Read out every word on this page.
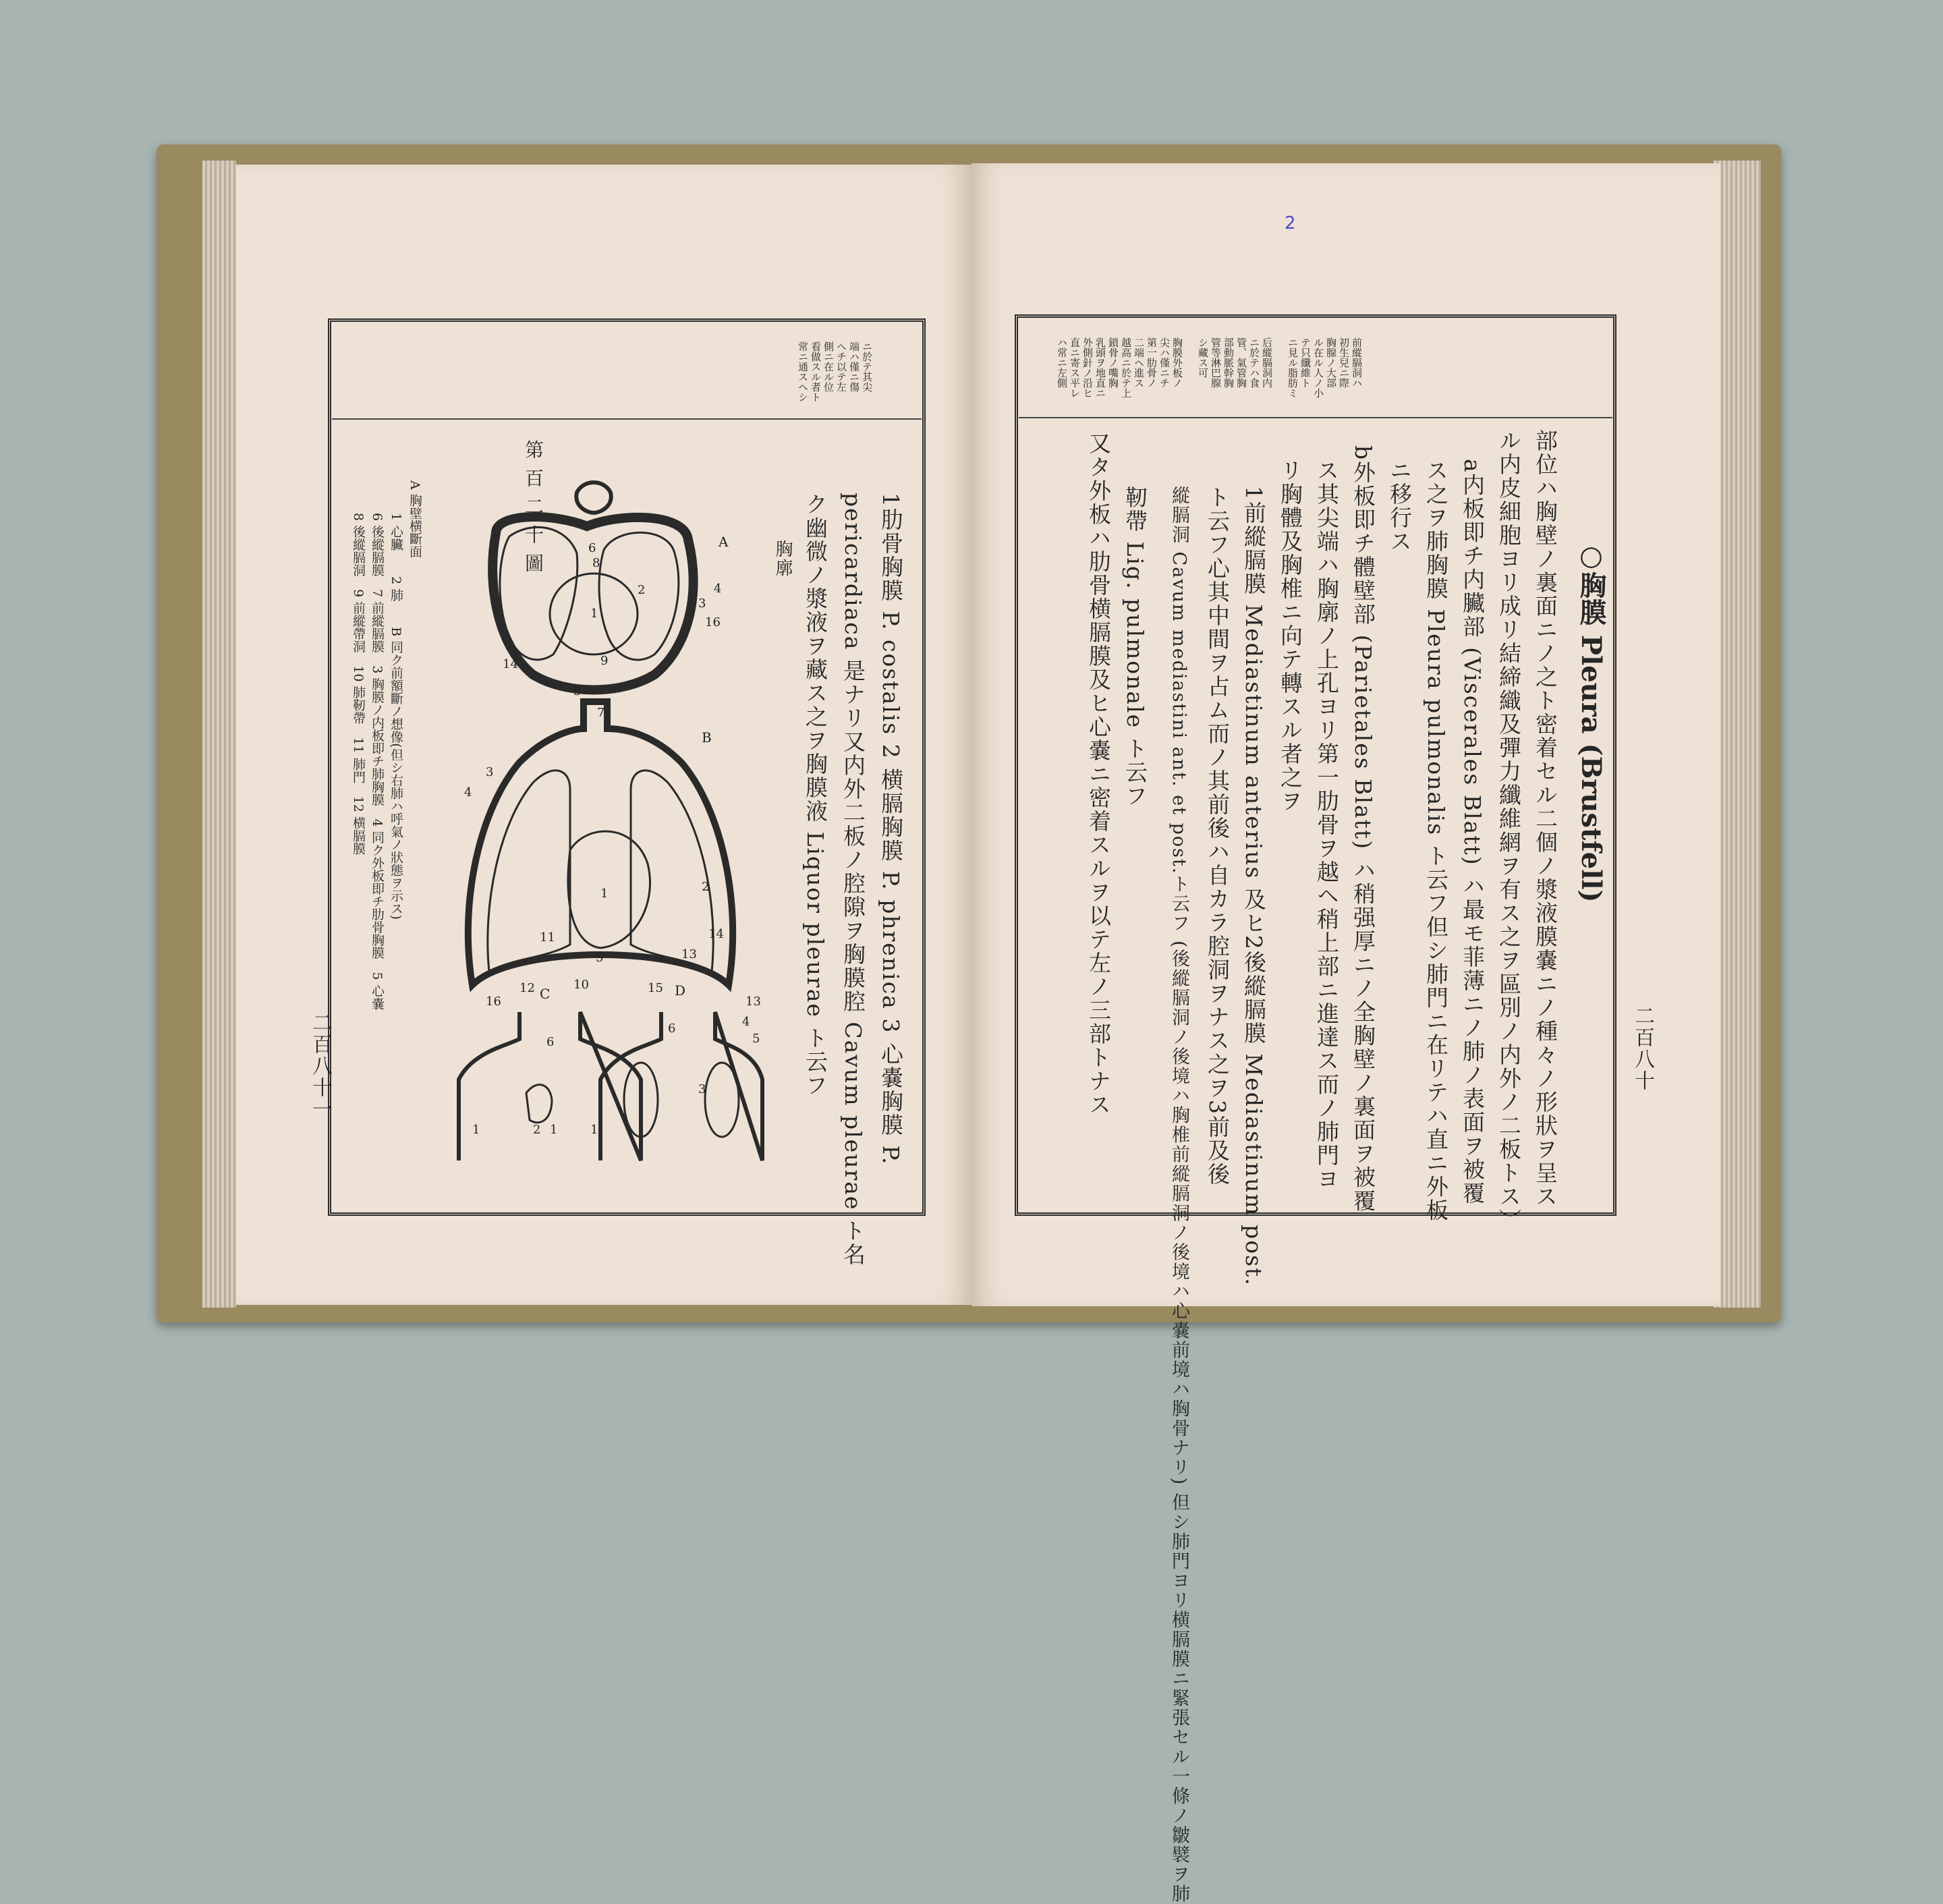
ニ於テ其尖
端ハ僅ニ傷
ヘチ以テ左
側ニ在ル位
看做スル者ト
常ニ通スヘシ
第百二十圖	1肋骨胸膜 P. costalis 2 横膈胸膜 P. phrenica 3 心嚢胸膜 P.
pericardiaca 是ナリ又内外二板ノ腔隙ヲ胸膜腔 Cavum pleurae ト名
ク幽微ノ漿液ヲ藏ス之ヲ胸膜液 Liquor pleurae ト云フ
胸廓
A 胸壁横斷面
1 心臟　　2 肺　　B 同ク前額斷ノ想像(但シ右肺ハ呼氣ノ狀態ヲ示ス)
6 後縱膈膜　7 前縱膈膜　3 胸膜ノ内板即チ肺胸膜　4 同ク外板即チ肋骨胸膜　5 心嚢
8 後縱膈洞　9 前縱帶洞　10 肺靭帶　11 肺門　12 横膈膜	1
2
3
4
5
6
7
8
9
14
16
A
1	2
3
4
5
11
12
16
10
14
13
13
15
B
1	2 1	1
6
C
3
6	4
5
D
二百八十一
前縱膈洞ハ
初生兒ニ際
胸腺ノ大部
ル在ル人ノ小
テ只纖維ト
ニ見ル脂肪ミ

后縱膈洞内
ニ於テハ食
管、氣管胸
部動脈幹胸
管等淋巴腺
シ藏ス可

胸膜外板ノ
尖ハ僅ニチ
第一肋骨ノ
二端ヘ進ス
越高ニ於テ上
鎖骨ノ嘴胸
乳頭ヲ地直ニ
外側針ノ沿ヒ
直ニ寄ス平レ
ハ常ニ左側
○胸膜 Pleura (Brustfell)
部位ハ胸壁ノ裏面ニノ之ト密着セル二個ノ漿液膜嚢ニノ種々ノ形狀ヲ呈ス
ル内皮細胞ヨリ成リ結締織及彈力纖維網ヲ有ス之ヲ區別ノ内外ノ二板トス）
a内板即チ内臟部 (Viscerales Blatt) ハ最モ菲薄ニノ肺ノ表面ヲ被覆
ス之ヲ肺胸膜 Pleura pulmonalis ト云フ但シ肺門ニ在リテハ直ニ外板
ニ移行ス
b外板即チ體壁部 (Parietales Blatt) ハ稍强厚ニノ全胸壁ノ裏面ヲ被覆
ス其尖端ハ胸廓ノ上孔ヨリ第一肋骨ヲ越ヘ稍上部ニ進達ス而ノ肺門ヨ
リ胸體及胸椎ニ向テ轉スル者之ヲ
1前縱膈膜 Mediastinum anterius 及ヒ2後縱膈膜 Mediastinum post.
ト云フ心其中間ヲ占ム而ノ其前後ハ自カラ腔洞ヲナス之ヲ3前及後
縱膈洞 Cavum mediastini ant. et post.ト云フ (後縱膈洞ノ後境ハ胸椎前縱膈洞ノ後境ハ心嚢前境ハ胸骨ナリ) 但シ肺門ヨリ横膈膜ニ緊張セル一條ノ皺襞ヲ肺
靭帶 Lig. pulmonale ト云フ
又タ外板ハ肋骨横膈膜及ヒ心嚢ニ密着スルヲ以テ左ノ三部トナス	二百八十
2
